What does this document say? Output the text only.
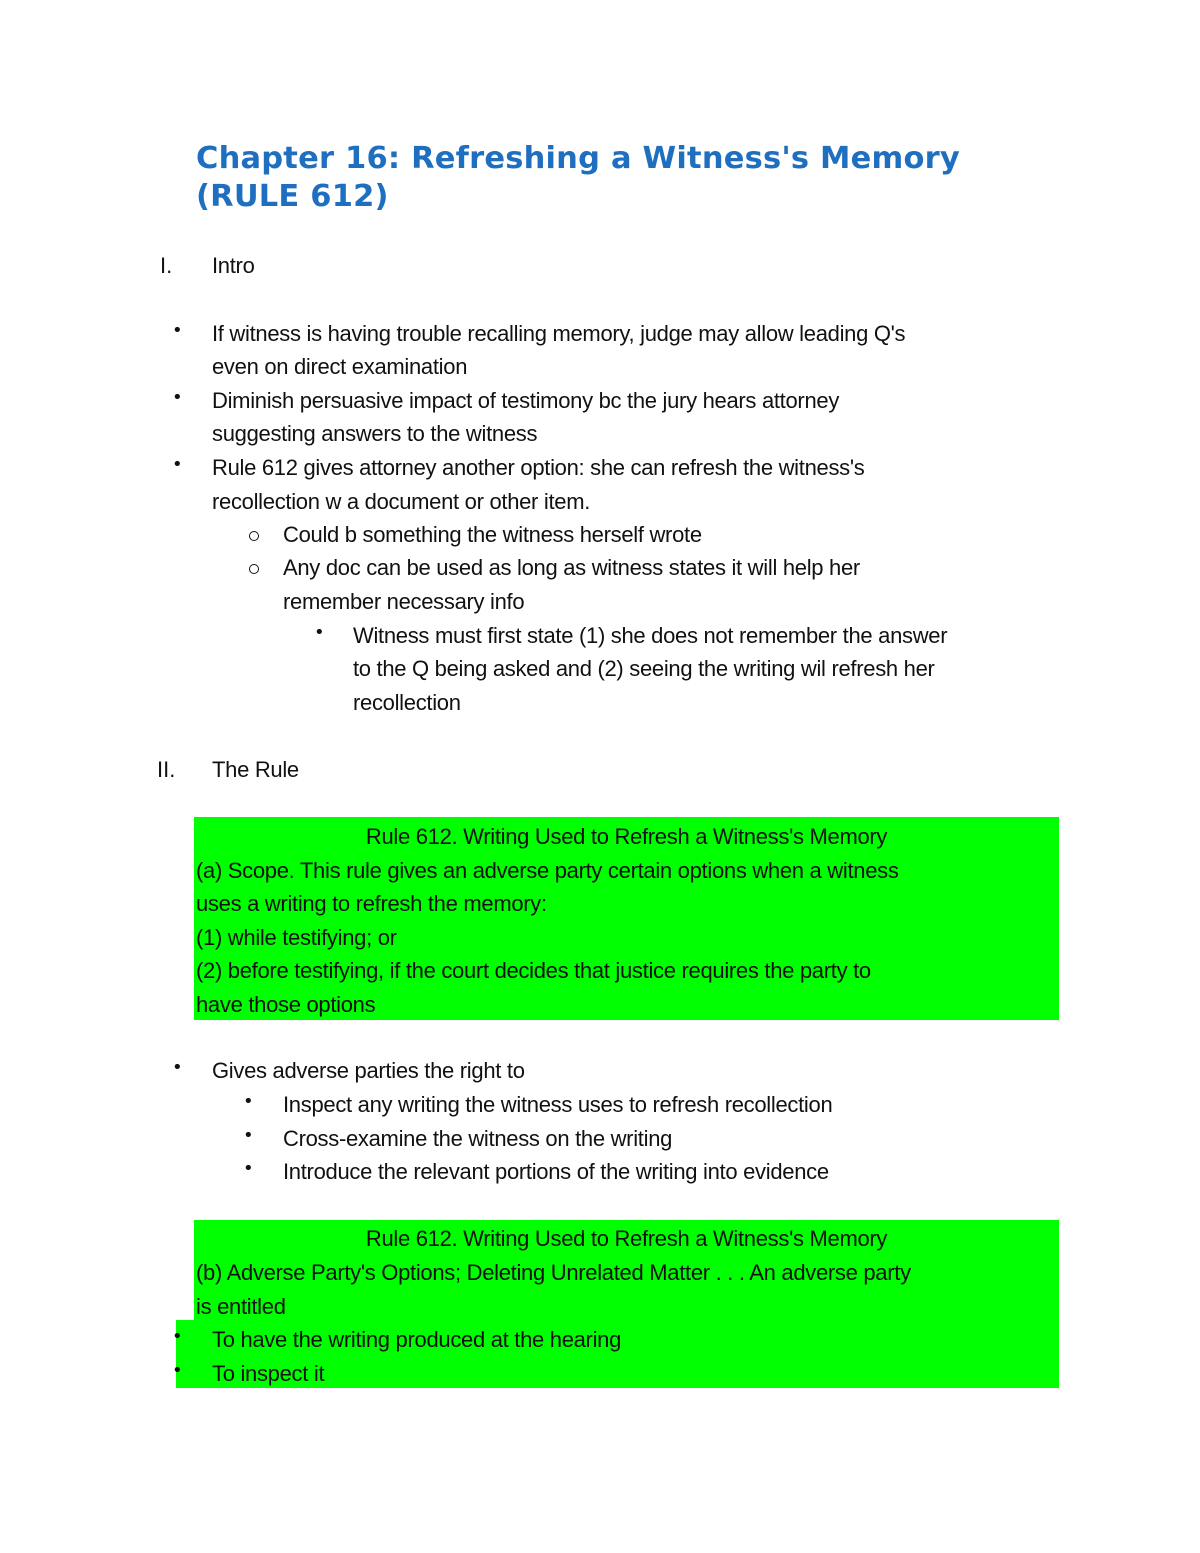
Chapter 16: Refreshing a Witness's Memory
(RULE 612)
I. Intro
• If witness is having trouble recalling memory, judge may allow leading Q's
even on direct examination
• Diminish persuasive impact of testimony bc the jury hears attorney
suggesting answers to the witness
• Rule 612 gives attorney another option: she can refresh the witness's
recollection w a document or other item.
Could b something the witness herself wrote
Any doc can be used as long as witness states it will help her
remember necessary info
• Witness must first state (1) she does not remember the answer
to the Q being asked and (2) seeing the writing wil refresh her
recollection
II. The Rule
Rule 612. Writing Used to Refresh a Witness's Memory
(a) Scope. This rule gives an adverse party certain options when a witness
uses a writing to refresh the memory:
(1) while testifying; or
(2) before testifying, if the court decides that justice requires the party to
have those options
• Gives adverse parties the right to
• Inspect any writing the witness uses to refresh recollection
• Cross-examine the witness on the writing
• Introduce the relevant portions of the writing into evidence
Rule 612. Writing Used to Refresh a Witness's Memory
(b) Adverse Party's Options; Deleting Unrelated Matter . . . An adverse party
is entitled
• To have the writing produced at the hearing
• To inspect it
